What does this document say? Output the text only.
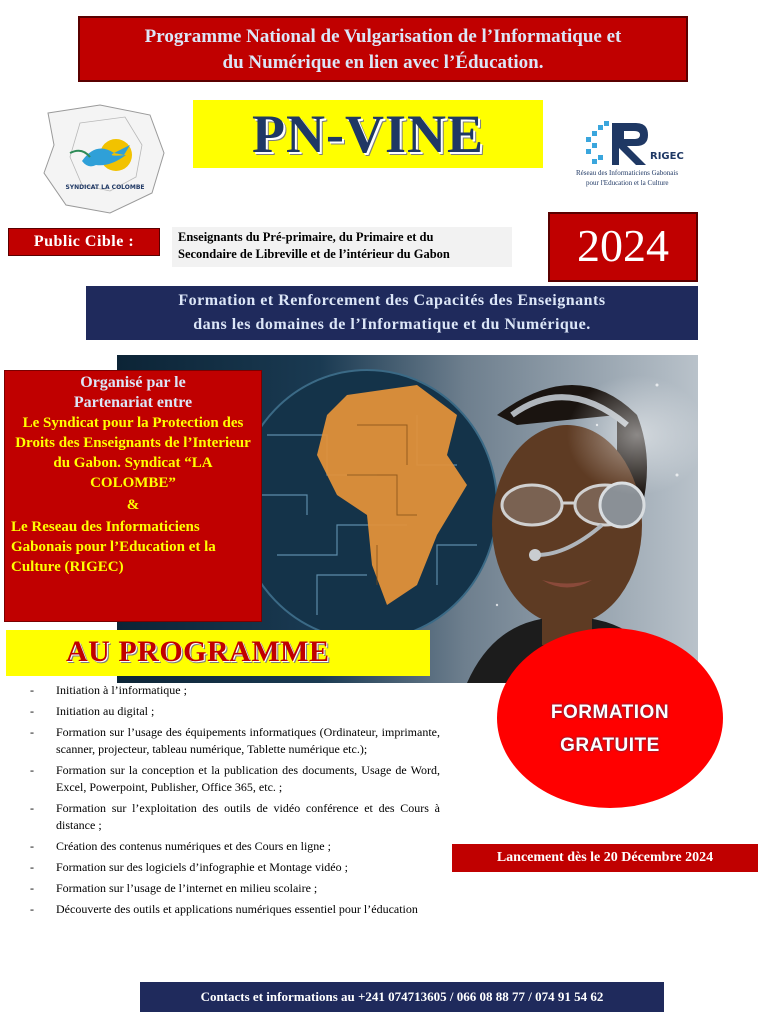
Programme National de Vulgarisation de l’Informatique et
du Numérique en lien avec l’Éducation.
SYNDICAT LA COLOMBE
PN-VINE	RIGEC
Réseau des Informaticiens Gabonais
pour l'Education et la Culture
Public Cible :	Enseignants du Pré-primaire, du Primaire et du
Secondaire de Libreville et de l’intérieur du Gabon	2024
Formation et Renforcement des Capacités des Enseignants
dans les domaines de l’Informatique et du Numérique.
Organisé par le
Partenariat entre
Le Syndicat pour la Protection des Droits des Enseignants de l’Interieur du Gabon. Syndicat “LA COLOMBE”
&
Le Reseau des Informaticiens Gabonais pour l’Education et la Culture (RIGEC)
AU PROGRAMME
-	Initiation à l’informatique ;
-	Initiation au digital ;
-	Formation sur l’usage des équipements informatiques (Ordinateur, imprimante, scanner, projecteur, tableau numérique, Tablette numérique etc.);
-	Formation sur la conception et la publication des documents, Usage de Word, Excel, Powerpoint, Publisher, Office 365, etc. ;
-	Formation sur l’exploitation des outils de vidéo conférence et des Cours à distance ;
-	Création des contenus numériques et des Cours en ligne ;
-	Formation sur des logiciels d’infographie et Montage vidéo ;
-	Formation sur l’usage de l’internet en milieu scolaire ;
-	Découverte des outils et applications numériques essentiel pour l’éducation
FORMATION
GRATUITE
Lancement dès le 20 Décembre 2024
Contacts et informations au +241 074713605 / 066 08 88 77 / 074 91 54 62
